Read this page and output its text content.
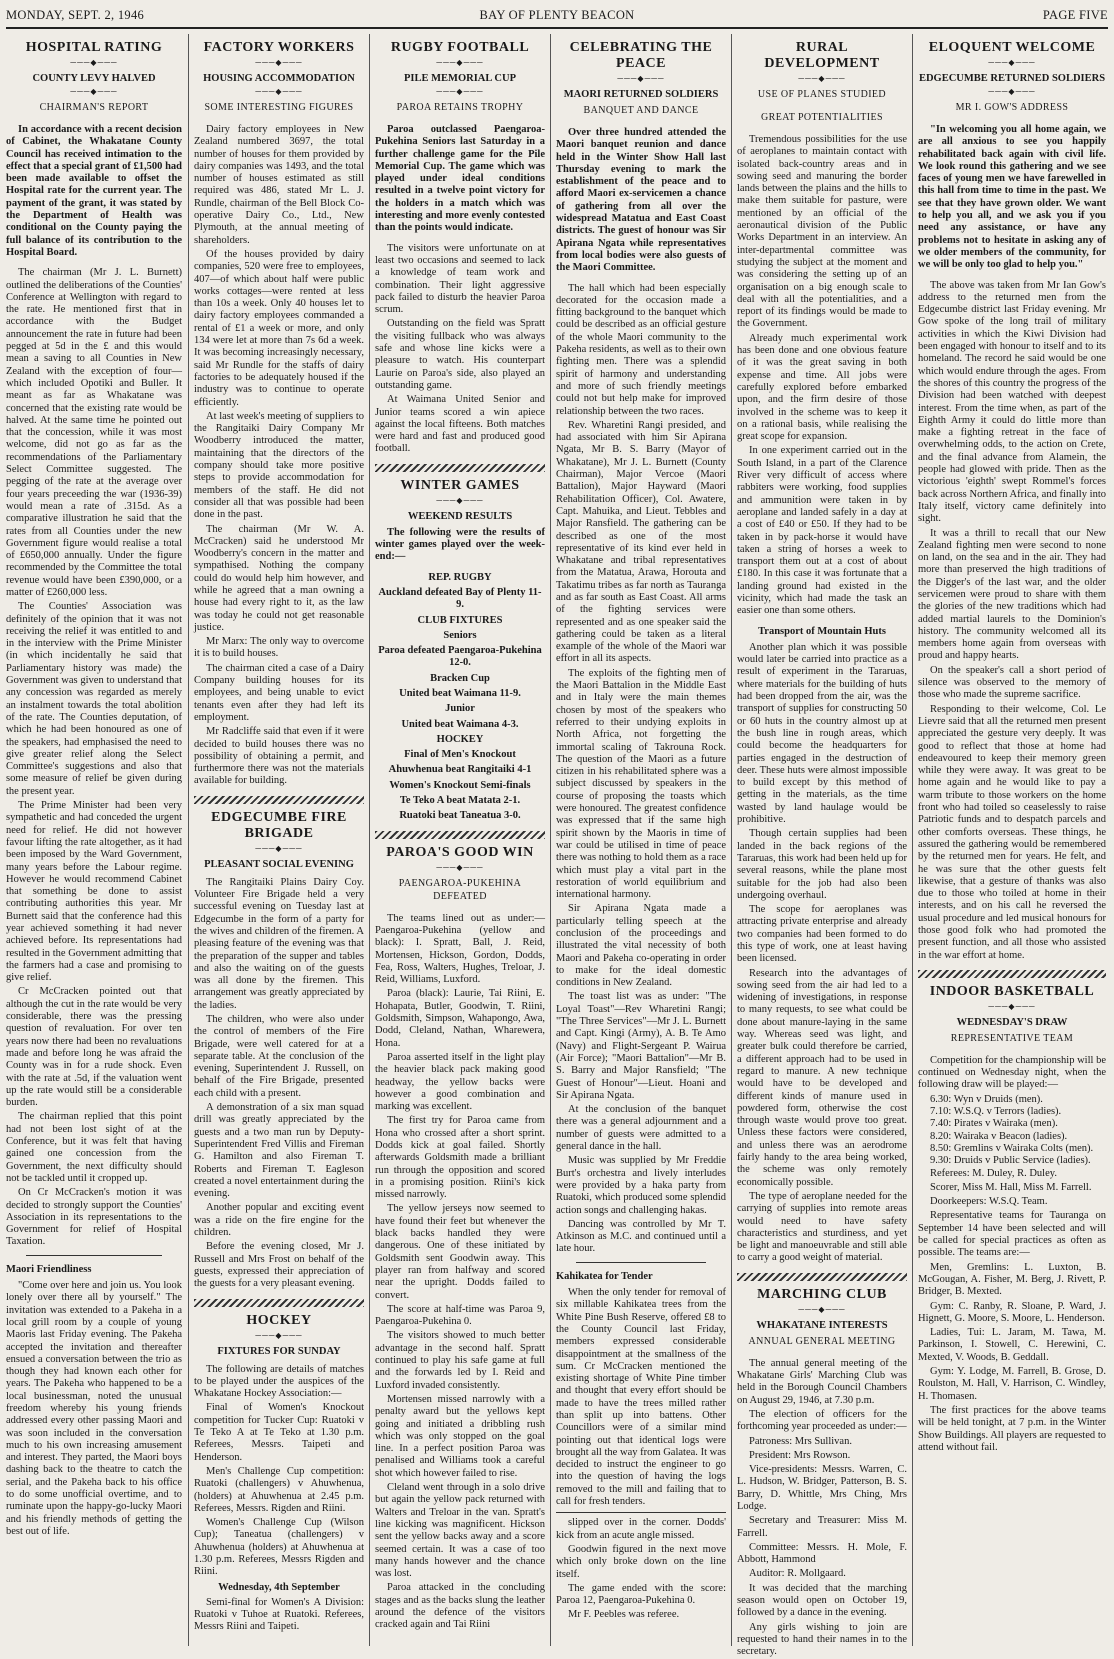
MONDAY, SEPT. 2, 1946	BAY OF PLENTY BEACON	PAGE FIVE
HOSPITAL RATING
───◆───
COUNTY LEVY HALVED
───◆───
CHAIRMAN'S REPORT
In accordance with a recent decision of Cabinet, the Whakatane County Council has received intimation to the effect that a special grant of £1,500 had been made available to offset the Hospital rate for the current year. The payment of the grant, it was stated by the Department of Health was conditional on the County paying the full balance of its contribution to the Hospital Board.

The chairman (Mr J. L. Burnett) outlined the deliberations of the Counties' Conference at Wellington with regard to the rate. He mentioned first that in accordance with the Budget announcement the rate in future had been pegged at 5d in the £ and this would mean a saving to all Counties in New Zealand with the exception of four—which included Opotiki and Buller. It meant as far as Whakatane was concerned that the existing rate would be halved. At the same time he pointed out that the concession, while it was most welcome, did not go as far as the recommendations of the Parliamentary Select Committee suggested. The pegging of the rate at the average over four years preceeding the war (1936-39) would mean a rate of .315d. As a comparative illustration he said that the rates from all Counties under the new Government figure would realise a total of £650,000 annually. Under the figure recommended by the Committee the total revenue would have been £390,000, or a matter of £260,000 less.

The Counties' Association was definitely of the opinion that it was not receiving the relief it was entitled to and in the interview with the Prime Minister (in which incidentally he said that Parliamentary history was made) the Government was given to understand that any concession was regarded as merely an instalment towards the total abolition of the rate. The Counties deputation, of which he had been honoured as one of the speakers, had emphasised the need to give greater relief along the Select Committee's suggestions and also that some measure of relief be given during the present year.

The Prime Minister had been very sympathetic and had conceded the urgent need for relief. He did not however favour lifting the rate altogether, as it had been imposed by the Ward Government, many years before the Labour regime. However he would recommend Cabinet that something be done to assist contributing authorities this year. Mr Burnett said that the conference had this year achieved something it had never achieved before. Its representations had resulted in the Government admitting that the farmers had a case and promising to give relief.

Cr McCracken pointed out that although the cut in the rate would be very considerable, there was the pressing question of revaluation. For over ten years now there had been no revaluations made and before long he was afraid the County was in for a rude shock. Even with the rate at .5d, if the valuation went up the rate would still be a considerable burden.

The chairman replied that this point had not been lost sight of at the Conference, but it was felt that having gained one concession from the Government, the next difficulty should not be tackled until it cropped up.

On Cr McCracken's motion it was decided to strongly support the Counties' Association in its representations to the Government for relief of Hospital Taxation.

Maori Friendliness

"Come over here and join us. You look lonely over there all by yourself." The invitation was extended to a Pakeha in a local grill room by a couple of young Maoris last Friday evening. The Pakeha accepted the invitation and thereafter ensued a conversation between the trio as though they had known each other for years. The Pakeha who happened to be a local businessman, noted the unusual freedom whereby his young friends addressed every other passing Maori and was soon included in the conversation much to his own increasing amusement and interest. They parted, the Maori boys dashing back to the theatre to catch the serial, and the Pakeha back to his office to do some unofficial overtime, and to ruminate upon the happy-go-lucky Maori and his friendly methods of getting the best out of life.

FACTORY WORKERS
───◆───
HOUSING ACCOMMODATION
───◆───
SOME INTERESTING FIGURES

Dairy factory employees in New Zealand numbered 3697, the total number of houses for them provided by dairy companies was 1493, and the total number of houses estimated as still required was 486, stated Mr L. J. Rundle, chairman of the Bell Block Co-operative Dairy Co., Ltd., New Plymouth, at the annual meeting of shareholders.

Of the houses provided by dairy companies, 520 were free to employees, 407—of which about half were public works cottages—were rented at less than 10s a week. Only 40 houses let to dairy factory employees commanded a rental of £1 a week or more, and only 134 were let at more than 7s 6d a week. It was becoming increasingly necessary, said Mr Rundle for the staffs of dairy factories to be adequately housed if the industry was to continue to operate efficiently.

At last week's meeting of suppliers to the Rangitaiki Dairy Company Mr Woodberry introduced the matter, maintaining that the directors of the company should take more positive steps to provide accommodation for members of the staff. He did not consider all that was possible had been done in the past.

The chairman (Mr W. A. McCracken) said he understood Mr Woodberry's concern in the matter and sympathised. Nothing the company could do would help him however, and while he agreed that a man owning a house had every right to it, as the law was today he could not get reasonable justice.

Mr Marx: The only way to overcome it is to build houses.

The chairman cited a case of a Dairy Company building houses for its employees, and being unable to evict tenants even after they had left its employment.

Mr Radcliffe said that even if it were decided to build houses there was no possibility of obtaining a permit, and furthermore there was not the materials available for building.

EDGECUMBE FIRE BRIGADE
───◆───
PLEASANT SOCIAL EVENING

The Rangitaiki Plains Dairy Coy. Volunteer Fire Brigade held a very successful evening on Tuesday last at Edgecumbe in the form of a party for the wives and children of the firemen. A pleasing feature of the evening was that the preparation of the supper and tables and also the waiting on of the guests was all done by the firemen. This arrangement was greatly appreciated by the ladies.

The children, who were also under the control of members of the Fire Brigade, were well catered for at a separate table. At the conclusion of the evening, Superintendent J. Russell, on behalf of the Fire Brigade, presented each child with a present.

A demonstration of a six man squad drill was greatly appreciated by the guests and a two man run by Deputy-Superintendent Fred Villis and Fireman G. Hamilton and also Fireman T. Roberts and Fireman T. Eagleson created a novel entertainment during the evening.

Another popular and exciting event was a ride on the fire engine for the children.

Before the evening closed, Mr J. Russell and Mrs Frost on behalf of the guests, expressed their appreciation of the guests for a very pleasant evening.

HOCKEY
───◆───
FIXTURES FOR SUNDAY

The following are details of matches to be played under the auspices of the Whakatane Hockey Association:—

Final of Women's Knockout competition for Tucker Cup: Ruatoki v Te Teko A at Te Teko at 1.30 p.m. Referees, Messrs. Taipeti and Henderson.

Men's Challenge Cup competition: Ruatoki (challengers) v Ahuwhenua, (holders) at Ahuwhenua at 2.45 p.m. Referees, Messrs. Rigden and Riini.

Women's Challenge Cup (Wilson Cup); Taneatua (challengers) v Ahuwhenua (holders) at Ahuwhenua at 1.30 p.m. Referees, Messrs Rigden and Riini.

Wednesday, 4th September

Semi-final for Women's A Division: Ruatoki v Tuhoe at Ruatoki. Referees, Messrs Riini and Taipeti.

RUGBY FOOTBALL
───◆───
PILE MEMORIAL CUP
───◆───
PAROA RETAINS TROPHY
Paroa outclassed Paengaroa-Pukehina Seniors last Saturday in a further challenge game for the Pile Memorial Cup. The game which was played under ideal conditions resulted in a twelve point victory for the holders in a match which was interesting and more evenly contested than the points would indicate.

The visitors were unfortunate on at least two occasions and seemed to lack a knowledge of team work and combination. Their light aggressive pack failed to disturb the heavier Paroa scrum.

Outstanding on the field was Spratt the visiting fullback who was always safe and whose line kicks were a pleasure to watch. His counterpart Laurie on Paroa's side, also played an outstanding game.

At Waimana United Senior and Junior teams scored a win apiece against the local fifteens. Both matches were hard and fast and produced good football.

WINTER GAMES
───◆───
WEEKEND RESULTS
The following were the results of winter games played over the week-end:—
REP. RUGBY
Auckland defeated Bay of Plenty 11-9.
CLUB FIXTURES
Seniors
Paroa defeated Paengaroa-Pukehina 12-0.
Bracken Cup
United beat Waimana 11-9.
Junior
United beat Waimana 4-3.
HOCKEY
Final of Men's Knockout
Ahuwhenua beat Rangitaiki 4-1
Women's Knockout Semi-finals
Te Teko A beat Matata 2-1.
Ruatoki beat Taneatua 3-0.
PAROA'S GOOD WIN
───◆───
PAENGAROA-PUKEHINA DEFEATED

The teams lined out as under:— Paengaroa-Pukehina (yellow and black): I. Spratt, Ball, J. Reid, Mortensen, Hickson, Gordon, Dodds, Fea, Ross, Walters, Hughes, Treloar, J. Reid, Williams, Luxford.

Paroa (black): Laurie, Tai Riini, E. Hohapata, Butler, Goodwin, T. Riini, Goldsmith, Simpson, Wahapongo, Awa, Dodd, Cleland, Nathan, Wharewera, Hona.

Paroa asserted itself in the light play the heavier black pack making good headway, the yellow backs were however a good combination and marking was excellent.

The first try for Paroa came from Hona who crossed after a short sprint. Dodds kick at goal failed. Shortly afterwards Goldsmith made a brilliant run through the opposition and scored in a promising position. Riini's kick missed narrowly.

The yellow jerseys now seemed to have found their feet but whenever the black backs handled they were dangerous. One of these initiated by Goldsmith sent Goodwin away. This player ran from halfway and scored near the upright. Dodds failed to convert.

The score at half-time was Paroa 9, Paengaroa-Pukehina 0.

The visitors showed to much better advantage in the second half. Spratt continued to play his safe game at full and the forwards led by I. Reid and Luxford invaded consistently.

Mortensen missed narrowly with a penalty award but the yellows kept going and initiated a dribbling rush which was only stopped on the goal line. In a perfect position Paroa was penalised and Williams took a careful shot which however failed to rise.

Cleland went through in a solo drive but again the yellow pack returned with Walters and Treloar in the van. Spratt's line kicking was magnificent. Hickson sent the yellow backs away and a score seemed certain. It was a case of too many hands however and the chance was lost.

Paroa attacked in the concluding stages and as the backs slung the leather around the defence of the visitors cracked again and Tai Riini

CELEBRATING THE PEACE
───◆───
MAORI RETURNED SOLDIERS
BANQUET AND DANCE
Over three hundred attended the Maori banquet reunion and dance held in the Winter Show Hall last Thursday evening to mark the establishment of the peace and to afford Maori ex-servicemen a chance of gathering from all over the widespread Matatua and East Coast districts. The guest of honour was Sir Apirana Ngata while representatives from local bodies were also guests of the Maori Committee.

The hall which had been especially decorated for the occasion made a fitting background to the banquet which could be described as an official gesture of the whole Maori community to the Pakeha residents, as well as to their own fighting men. There was a splendid spirit of harmony and understanding and more of such friendly meetings could not but help make for improved relationship between the two races.

Rev. Wharetini Rangi presided, and had associated with him Sir Apirana Ngata, Mr B. S. Barry (Mayor of Whakatane), Mr J. L. Burnett (County Chairman), Major Vercoe (Maori Battalion), Major Hayward (Maori Rehabilitation Officer), Col. Awatere, Capt. Mahuika, and Lieut. Tebbles and Major Ransfield. The gathering can be described as one of the most representative of its kind ever held in Whakatane and tribal representatives from the Matatua, Arawa, Horouta and Takatimu tribes as far north as Tauranga and as far south as East Coast. All arms of the fighting services were represented and as one speaker said the gathering could be taken as a literal example of the whole of the Maori war effort in all its aspects.

The exploits of the fighting men of the Maori Battalion in the Middle East and in Italy were the main themes chosen by most of the speakers who referred to their undying exploits in North Africa, not forgetting the immortal scaling of Takrouna Rock. The question of the Maori as a future citizen in his rehabilitated sphere was a subject discussed by speakers in the course of proposing the toasts which were honoured. The greatest confidence was expressed that if the same high spirit shown by the Maoris in time of war could be utilised in time of peace there was nothing to hold them as a race which must play a vital part in the restoration of world equilibrium and international harmony.

Sir Apirana Ngata made a particularly telling speech at the conclusion of the proceedings and illustrated the vital necessity of both Maori and Pakeha co-operating in order to make for the ideal domestic conditions in New Zealand.

The toast list was as under: "The Loyal Toast"—Rev Wharetini Rangi; "The Three Services"—Mr J. L. Burnett and Capt. Kingi (Army), A. B. Te Amo (Navy) and Flight-Sergeant P. Wairua (Air Force); "Maori Battalion"—Mr B. S. Barry and Major Ransfield; "The Guest of Honour"—Lieut. Hoani and Sir Apirana Ngata.

At the conclusion of the banquet there was a general adjournment and a number of guests were admitted to a general dance in the hall.

Music was supplied by Mr Freddie Burt's orchestra and lively interludes were provided by a haka party from Ruatoki, which produced some splendid action songs and challenging hakas.

Dancing was controlled by Mr T. Atkinson as M.C. and continued until a late hour.

Kahikatea for Tender

When the only tender for removal of six millable Kahikatea trees from the White Pine Bush Reserve, offered £8 to the County Council last Friday, members expressed considerable disappointment at the smallness of the sum. Cr McCracken mentioned the existing shortage of White Pine timber and thought that every effort should be made to have the trees milled rather than split up into battens. Other Councillors were of a similar mind pointing out that identical logs were brought all the way from Galatea. It was decided to instruct the engineer to go into the question of having the logs removed to the mill and failing that to call for fresh tenders.

slipped over in the corner. Dodds' kick from an acute angle missed.

Goodwin figured in the next move which only broke down on the line itself.

The game ended with the score: Paroa 12, Paengaroa-Pukehina 0.

Mr F. Peebles was referee.

RURAL DEVELOPMENT
───◆───
USE OF PLANES STUDIED
GREAT POTENTIALITIES

Tremendous possibilities for the use of aeroplanes to maintain contact with isolated back-country areas and in sowing seed and manuring the border lands between the plains and the hills to make them suitable for pasture, were mentioned by an official of the aeronautical division of the Public Works Department in an interview. An inter-departmental committee was studying the subject at the moment and was considering the setting up of an organisation on a big enough scale to deal with all the potentialities, and a report of its findings would be made to the Government.

Already much experimental work has been done and one obvious feature of it was the great saving in both expense and time. All jobs were carefully explored before embarked upon, and the firm desire of those involved in the scheme was to keep it on a rational basis, while realising the great scope for expansion.

In one experiment carried out in the South Island, in a part of the Clarence River very difficult of access where rabbiters were working, food supplies and ammunition were taken in by aeroplane and landed safely in a day at a cost of £40 or £50. If they had to be taken in by pack-horse it would have taken a string of horses a week to transport them out at a cost of about £180. In this case it was fortunate that a landing ground had existed in the vicinity, which had made the task an easier one than some others.

Transport of Mountain Huts

Another plan which it was possible would later be carried into practice as a result of experiment in the Tararuas, where materials for the building of huts had been dropped from the air, was the transport of supplies for constructing 50 or 60 huts in the country almost up at the bush line in rough areas, which could become the headquarters for parties engaged in the destruction of deer. These huts were almost impossible to build except by this method of getting in the materials, as the time wasted by land haulage would be prohibitive.

Though certain supplies had been landed in the back regions of the Tararuas, this work had been held up for several reasons, while the plane most suitable for the job had also been undergoing overhaul.

The scope for aeroplanes was attracting private enterprise and already two companies had been formed to do this type of work, one at least having been licensed.

Research into the advantages of sowing seed from the air had led to a widening of investigations, in response to many requests, to see what could be done about manure-laying in the same way. Whereas seed was light, and greater bulk could therefore be carried, a different approach had to be used in regard to manure. A new technique would have to be developed and different kinds of manure used in powdered form, otherwise the cost through waste would prove too great. Unless these factors were considered, and unless there was an aerodrome fairly handy to the area being worked, the scheme was only remotely economically possible.

The type of aeroplane needed for the carrying of supplies into remote areas would need to have safety characteristics and sturdiness, and yet be light and manoeuvrable and still able to carry a good weight of material.

MARCHING CLUB
───◆───
WHAKATANE INTERESTS
ANNUAL GENERAL MEETING

The annual general meeting of the Whakatane Girls' Marching Club was held in the Borough Council Chambers on August 29, 1946, at 7.30 p.m.

The election of officers for the forthcoming year proceeded as under:—

Patroness: Mrs Sullivan.

President: Mrs Rowson.

Vice-presidents: Messrs. Warren, C. L. Hudson, W. Bridger, Patterson, B. S. Barry, D. Whittle, Mrs Ching, Mrs Lodge.

Secretary and Treasurer: Miss M. Farrell.

Committee: Messrs. H. Mole, F. Abbott, Hammond

Auditor: R. Mollgaard.

It was decided that the marching season would open on October 19, followed by a dance in the evening.

Any girls wishing to join are requested to hand their names in to the secretary.

ELOQUENT WELCOME
───◆───
EDGECUMBE RETURNED SOLDIERS
───◆───
MR I. GOW'S ADDRESS
"In welcoming you all home again, we are all anxious to see you happily rehabilitated back again with civil life. We look round this gathering and we see faces of young men we have farewelled in this hall from time to time in the past. We see that they have grown older. We want to help you all, and we ask you if you need any assistance, or have any problems not to hesitate in asking any of we older members of the community, for we will be only too glad to help you."

The above was taken from Mr Ian Gow's address to the returned men from the Edgecumbe district last Friday evening. Mr Gow spoke of the long trail of military activities in which the Kiwi Division had been engaged with honour to itself and to its homeland. The record he said would be one which would endure through the ages. From the shores of this country the progress of the Division had been watched with deepest interest. From the time when, as part of the Eighth Army it could do little more than make a fighting retreat in the face of overwhelming odds, to the action on Crete, and the final advance from Alamein, the people had glowed with pride. Then as the victorious 'eighth' swept Rommel's forces back across Northern Africa, and finally into Italy itself, victory came definitely into sight.

It was a thrill to recall that our New Zealand fighting men were second to none on land, on the sea and in the air. They had more than preserved the high traditions of the Digger's of the last war, and the older servicemen were proud to share with them the glories of the new traditions which had added martial laurels to the Dominion's history. The community welcomed all its members home again from overseas with proud and happy hearts.

On the speaker's call a short period of silence was observed to the memory of those who made the supreme sacrifice.

Responding to their welcome, Col. Le Lievre said that all the returned men present appreciated the gesture very deeply. It was good to reflect that those at home had endeavoured to keep their memory green while they were away. It was great to be home again and he would like to pay a warm tribute to those workers on the home front who had toiled so ceaselessly to raise Patriotic funds and to despatch parcels and other comforts overseas. These things, he assured the gathering would be remembered by the returned men for years. He felt, and he was sure that the other guests felt likewise, that a gesture of thanks was also due to those who toiled at home in their interests, and on his call he reversed the usual procedure and led musical honours for those good folk who had promoted the present function, and all those who assisted in the war effort at home.

INDOOR BASKETBALL
───◆───
WEDNESDAY'S DRAW
REPRESENTATIVE TEAM

Competition for the championship will be continued on Wednesday night, when the following draw will be played:—

6.30: Wyn v Druids (men).

7.10: W.S.Q. v Terrors (ladies).

7.40: Pirates v Wairaka (men).

8.20: Wairaka v Beacon (ladies).

8.50: Gremlins v Wairaka Colts (men).

9.30: Druids v Public Service (ladies).

Referees: M. Duley, R. Duley.

Scorer, Miss M. Hall, Miss M. Farrell.

Doorkeepers: W.S.Q. Team.

Representative teams for Tauranga on September 14 have been selected and will be called for special practices as often as possible. The teams are:—

Men, Gremlins: L. Luxton, B. McGougan, A. Fisher, M. Berg, J. Rivett, P. Bridger, B. Mexted.

Gym: C. Ranby, R. Sloane, P. Ward, J. Hignett, G. Moore, S. Moore, L. Henderson.

Ladies, Tui: L. Jaram, M. Tawa, M. Parkinson, I. Stowell, C. Herewini, C. Mexted, V. Woods, B. Geddall.

Gym: Y. Lodge, M. Farrell, B. Grose, D. Roulston, M. Hall, V. Harrison, C. Windley, H. Thomasen.

The first practices for the above teams will be held tonight, at 7 p.m. in the Winter Show Buildings. All players are requested to attend without fail.
